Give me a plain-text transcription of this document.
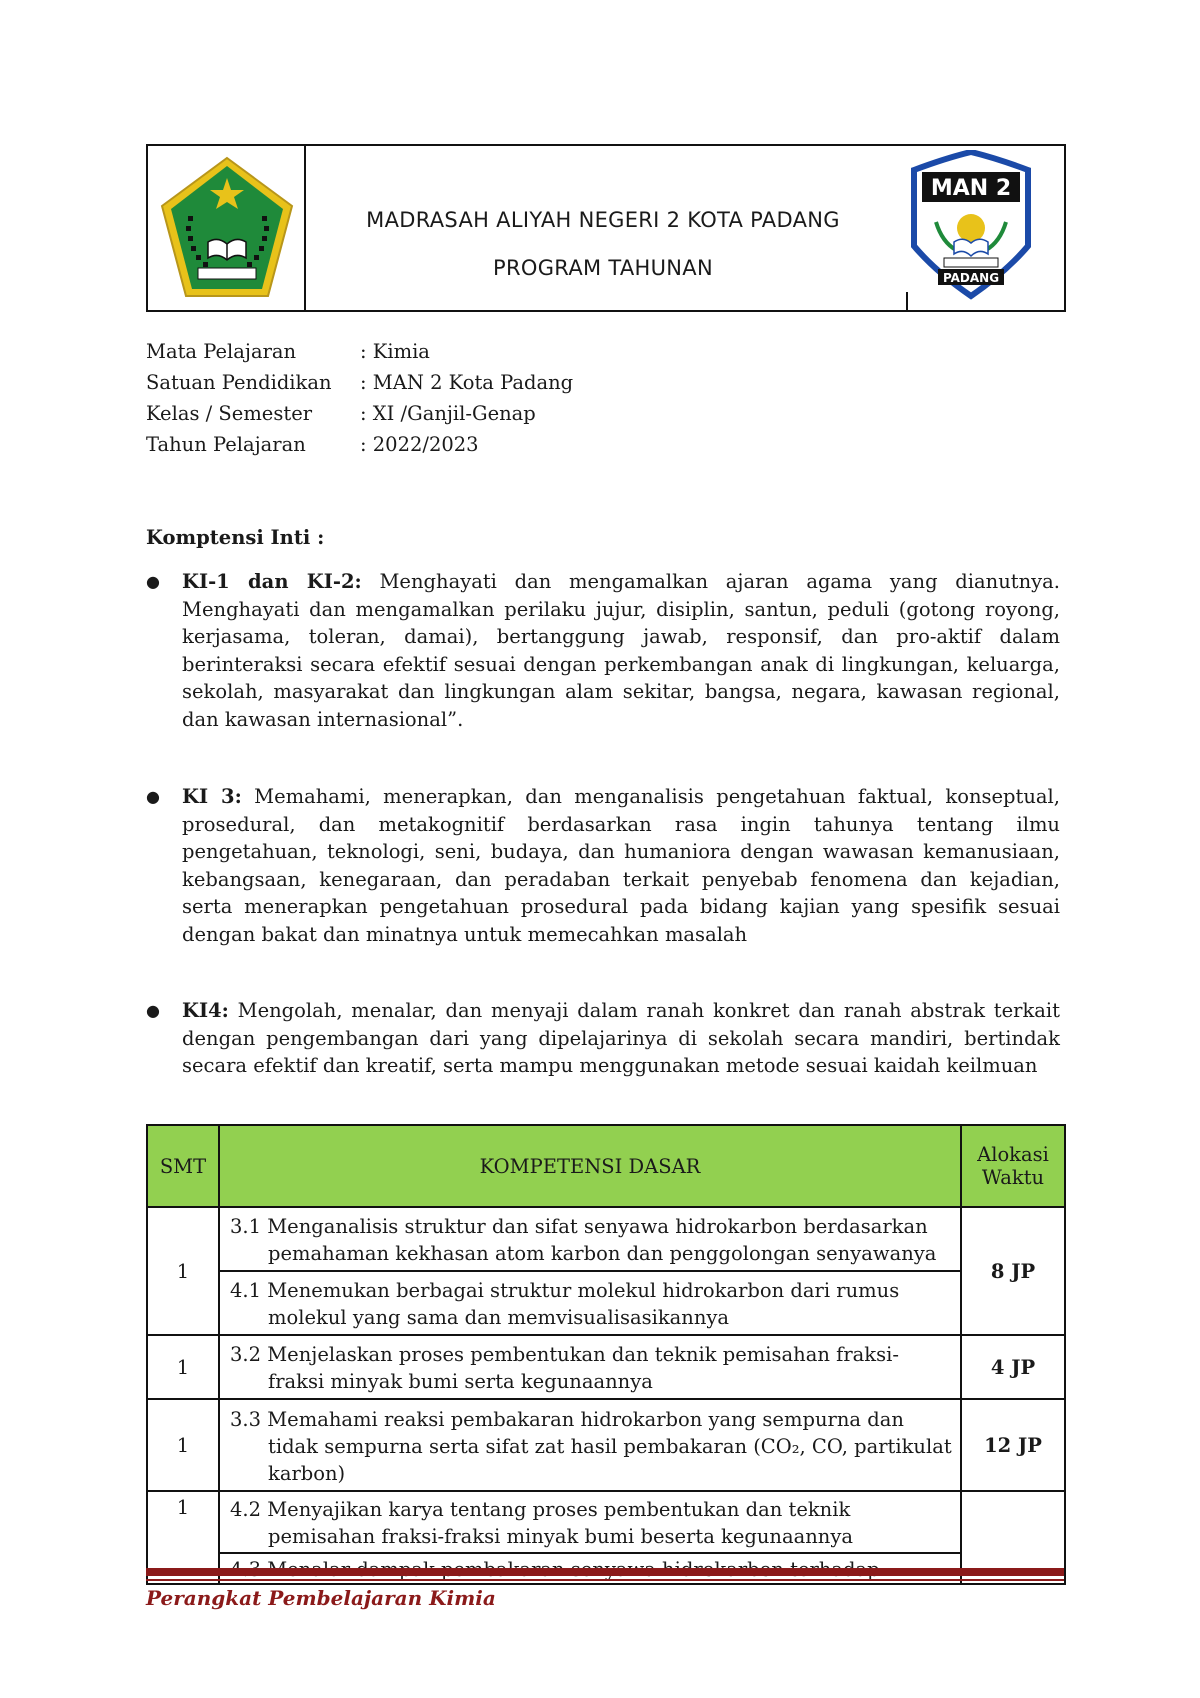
MADRASAH ALIYAH NEGERI 2 KOTA PADANG
PROGRAM TAHUNAN
MAN 2
PADANG
Mata Pelajaran	: Kimia
Satuan Pendidikan : MAN 2 Kota Padang
Kelas / Semester : XI /Ganjil-Genap
Tahun Pelajaran	: 2022/2023
Komptensi Inti :
● KI-1 dan KI-2: Menghayati dan mengamalkan ajaran agama yang dianutnya. Menghayati dan mengamalkan perilaku jujur, disiplin, santun, peduli (gotong royong, kerjasama, toleran, damai), bertanggung jawab, responsif, dan pro-aktif dalam berinteraksi secara efektif sesuai dengan perkembangan anak di lingkungan, keluarga, sekolah, masyarakat dan lingkungan alam sekitar, bangsa, negara, kawasan regional, dan kawasan internasional”.
● KI 3: Memahami, menerapkan, dan menganalisis pengetahuan faktual, konseptual, prosedural, dan metakognitif berdasarkan rasa ingin tahunya tentang ilmu pengetahuan, teknologi, seni, budaya, dan humaniora dengan wawasan kemanusiaan, kebangsaan, kenegaraan, dan peradaban terkait penyebab fenomena dan kejadian, serta menerapkan pengetahuan prosedural pada bidang kajian yang spesifik sesuai dengan bakat dan minatnya untuk memecahkan masalah
● KI4: Mengolah, menalar, dan menyaji dalam ranah konkret dan ranah abstrak terkait dengan pengembangan dari yang dipelajarinya di sekolah secara mandiri, bertindak secara efektif dan kreatif, serta mampu menggunakan metode sesuai kaidah keilmuan
SMT	KOMPETENSI DASAR	Alokasi
Waktu
1	3.1 Menganalisis struktur dan sifat senyawa hidrokarbon berdasarkan pemahaman kekhasan atom karbon dan penggolongan senyawanya	8 JP

	4.1 Menemukan berbagai struktur molekul hidrokarbon dari rumus molekul yang sama dan memvisualisasikannya	

1	3.2 Menjelaskan proses pembentukan dan teknik pemisahan fraksi-fraksi minyak bumi serta kegunaannya	4 JP
1	3.3 Memahami reaksi pembakaran hidrokarbon yang sempurna dan tidak sempurna serta sifat zat hasil pembakaran (CO₂, CO, partikulat karbon)	12 JP
1	4.2 Menyajikan karya tentang proses pembentukan dan teknik pemisahan fraksi-fraksi minyak bumi beserta kegunaannya	

Perangkat Pembelajaran Kimia
